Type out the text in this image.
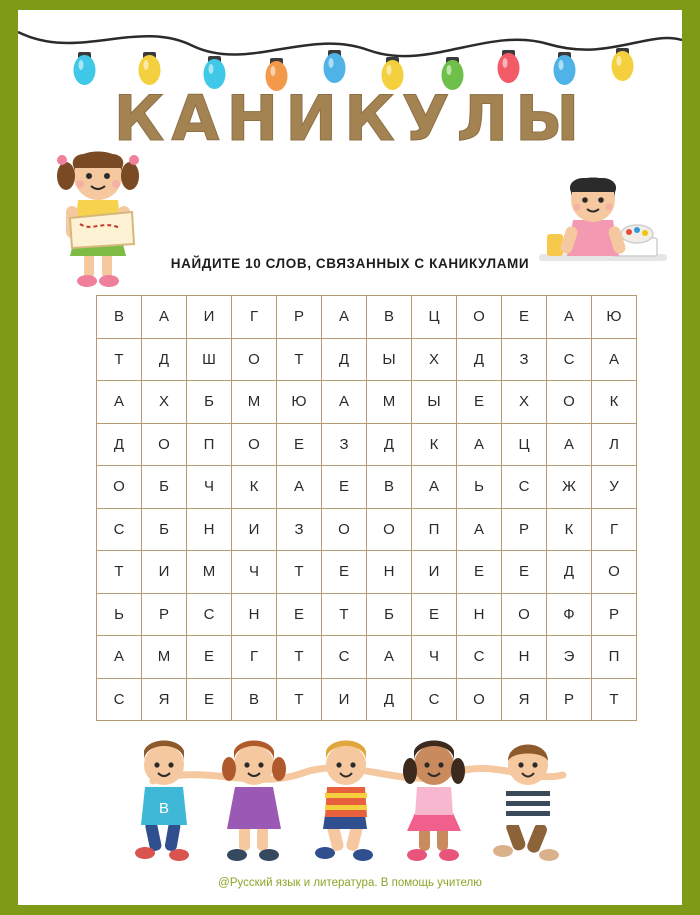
КАНИКУЛЫ
НАЙДИТЕ 10 СЛОВ, СВЯЗАННЫХ С КАНИКУЛАМИ
В	А	И	Г	Р	А	В	Ц	О	Е	А	Ю
Т	Д	Ш	О	Т	Д	Ы	Х	Д	З	С	А
А	Х	Б	М	Ю	А	М	Ы	Е	Х	О	К
Д	О	П	О	Е	З	Д	К	А	Ц	А	Л
О	Б	Ч	К	А	Е	В	А	Ь	С	Ж	У
С	Б	Н	И	З	О	О	П	А	Р	К	Г
Т	И	М	Ч	Т	Е	Н	И	Е	Е	Д	О
Ь	Р	С	Н	Е	Т	Б	Е	Н	О	Ф	Р
А	М	Е	Г	Т	С	А	Ч	С	Н	Э	П
С	Я	Е	В	Т	И	Д	С	О	Я	Р	Т
B
@Русский язык и литература. В помощь учителю
